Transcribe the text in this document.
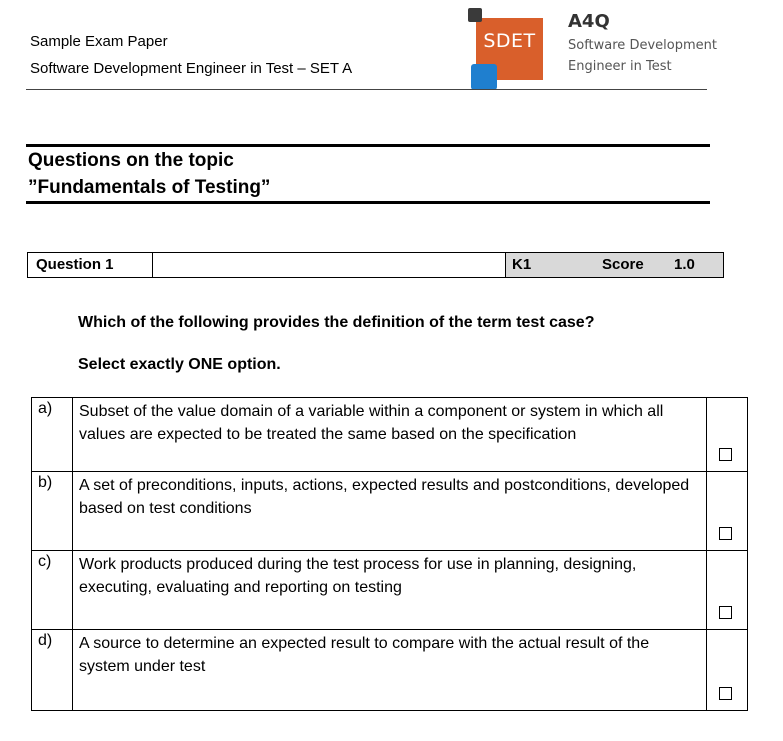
Sample Exam Paper
Software Development Engineer in Test – SET A
SDET
A4Q
Software Development
Engineer in Test
Questions on the topic
”Fundamentals of Testing”
Question 1	K1	Score 1.0
Which of the following provides the definition of the term test case?
Select exactly ONE option.
a)	Subset of the value domain of a variable within a component or system in which all values are expected to be treated the same based on the specification
b)	A set of preconditions, inputs, actions, expected results and postconditions, developed based on test conditions
c)	Work products produced during the test process for use in planning, designing, executing, evaluating and reporting on testing
d)	A source to determine an expected result to compare with the actual result of the system under test
